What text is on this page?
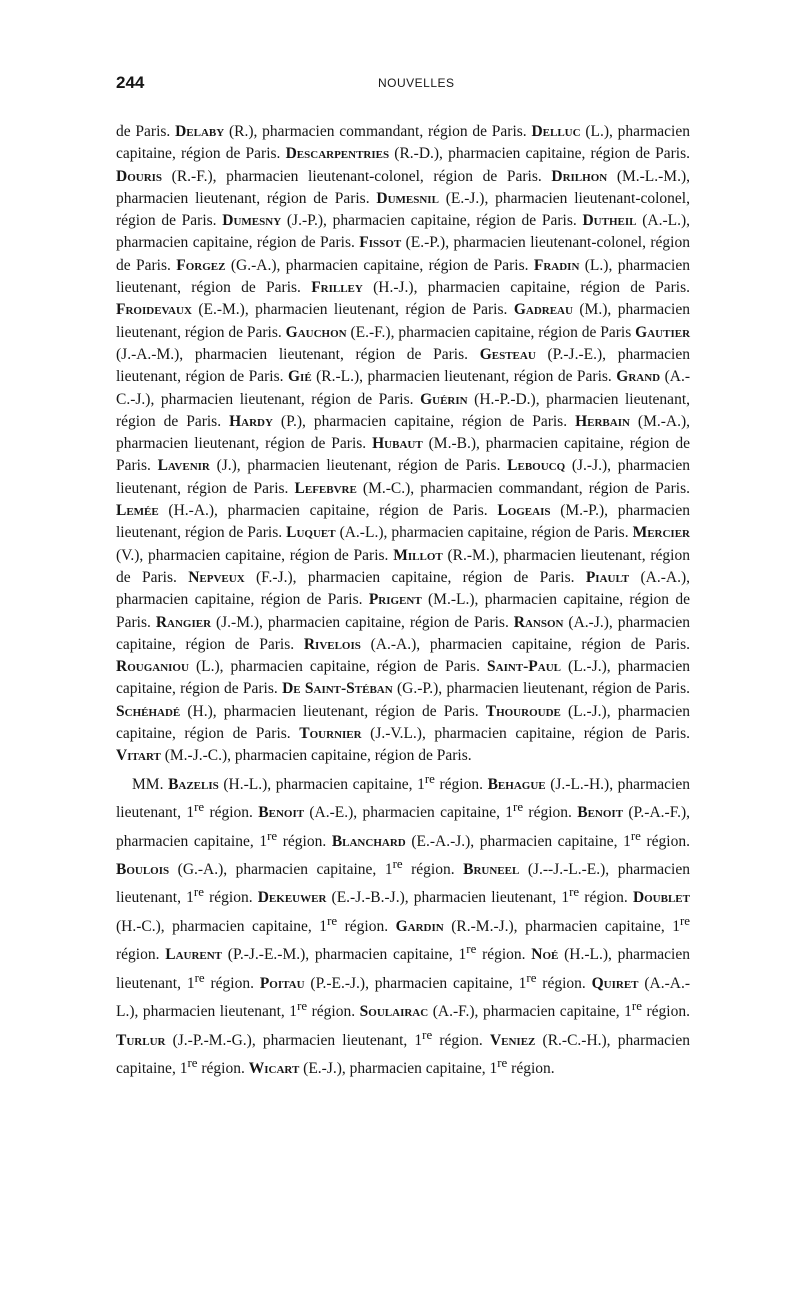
244	NOUVELLES

de Paris. Delaby (R.), pharmacien commandant, région de Paris. Delluc (L.), pharmacien capitaine, région de Paris. Descarpentries (R.-D.), pharmacien capitaine, région de Paris. Douris (R.-F.), pharmacien lieutenant-colonel, région de Paris. Drilhon (M.-L.-M.), pharmacien lieutenant, région de Paris. Dumesnil (E.-J.), pharmacien lieutenant-colonel, région de Paris. Dumesny (J.-P.), pharmacien capitaine, région de Paris. Dutheil (A.-L.), pharmacien capitaine, région de Paris. Fissot (E.-P.), pharmacien lieutenant-colonel, région de Paris. Forgez (G.-A.), pharmacien capitaine, région de Paris. Fradin (L.), pharmacien lieutenant, région de Paris. Frilley (H.-J.), pharmacien capitaine, région de Paris. Froidevaux (E.-M.), pharmacien lieutenant, région de Paris. Gadreau (M.), pharmacien lieutenant, région de Paris. Gauchon (E.-F.), pharmacien capitaine, région de Paris Gautier (J.-A.-M.), pharmacien lieutenant, région de Paris. Gesteau (P.-J.-E.), pharmacien lieutenant, région de Paris. Gié (R.-L.), pharmacien lieutenant, région de Paris. Grand (A.-C.-J.), pharmacien lieutenant, région de Paris. Guérin (H.-P.-D.), pharmacien lieutenant, région de Paris. Hardy (P.), pharmacien capitaine, région de Paris. Herbain (M.-A.), pharmacien lieutenant, région de Paris. Hubaut (M.-B.), pharmacien capitaine, région de Paris. Lavenir (J.), pharmacien lieutenant, région de Paris. Leboucq (J.-J.), pharmacien lieutenant, région de Paris. Lefebvre (M.-C.), pharmacien commandant, région de Paris. Lemée (H.-A.), pharmacien capitaine, région de Paris. Logeais (M.-P.), pharmacien lieutenant, région de Paris. Luquet (A.-L.), pharmacien capitaine, région de Paris. Mercier (V.), pharmacien capitaine, région de Paris. Millot (R.-M.), pharmacien lieutenant, région de Paris. Nepveux (F.-J.), pharmacien capitaine, région de Paris. Piault (A.-A.), pharmacien capitaine, région de Paris. Prigent (M.-L.), pharmacien capitaine, région de Paris. Rangier (J.-M.), pharmacien capitaine, région de Paris. Ranson (A.-J.), pharmacien capitaine, région de Paris. Rivelois (A.-A.), pharmacien capitaine, région de Paris. Rouganiou (L.), pharmacien capitaine, région de Paris. Saint-Paul (L.-J.), pharmacien capitaine, région de Paris. De Saint-Stéban (G.-P.), pharmacien lieutenant, région de Paris. Schéhadé (H.), pharmacien lieutenant, région de Paris. Thouroude (L.-J.), pharmacien capitaine, région de Paris. Tournier (J.-V.L.), pharmacien capitaine, région de Paris. Vitart (M.-J.-C.), pharmacien capitaine, région de Paris.

MM. Bazelis (H.-L.), pharmacien capitaine, 1re région. Behague (J.-L.-H.), pharmacien lieutenant, 1re région. Benoit (A.-E.), pharmacien capitaine, 1re région. Benoit (P.-A.-F.), pharmacien capitaine, 1re région. Blanchard (E.-A.-J.), pharmacien capitaine, 1re région. Boulois (G.-A.), pharmacien capitaine, 1re région. Bruneel (J.--J.-L.-E.), pharmacien lieutenant, 1re région. Dekeuwer (E.-J.-B.-J.), pharmacien lieutenant, 1re région. Doublet (H.-C.), pharmacien capitaine, 1re région. Gardin (R.-M.-J.), pharmacien capitaine, 1re région. Laurent (P.-J.-E.-M.), pharmacien capitaine, 1re région. Noé (H.-L.), pharmacien lieutenant, 1re région. Poitau (P.-E.-J.), pharmacien capitaine, 1re région. Quiret (A.-A.-L.), pharmacien lieutenant, 1re région. Soulairac (A.-F.), pharmacien capitaine, 1re région. Turlur (J.-P.-M.-G.), pharmacien lieutenant, 1re région. Veniez (R.-C.-H.), pharmacien capitaine, 1re région. Wicart (E.-J.), pharmacien capitaine, 1re région.
